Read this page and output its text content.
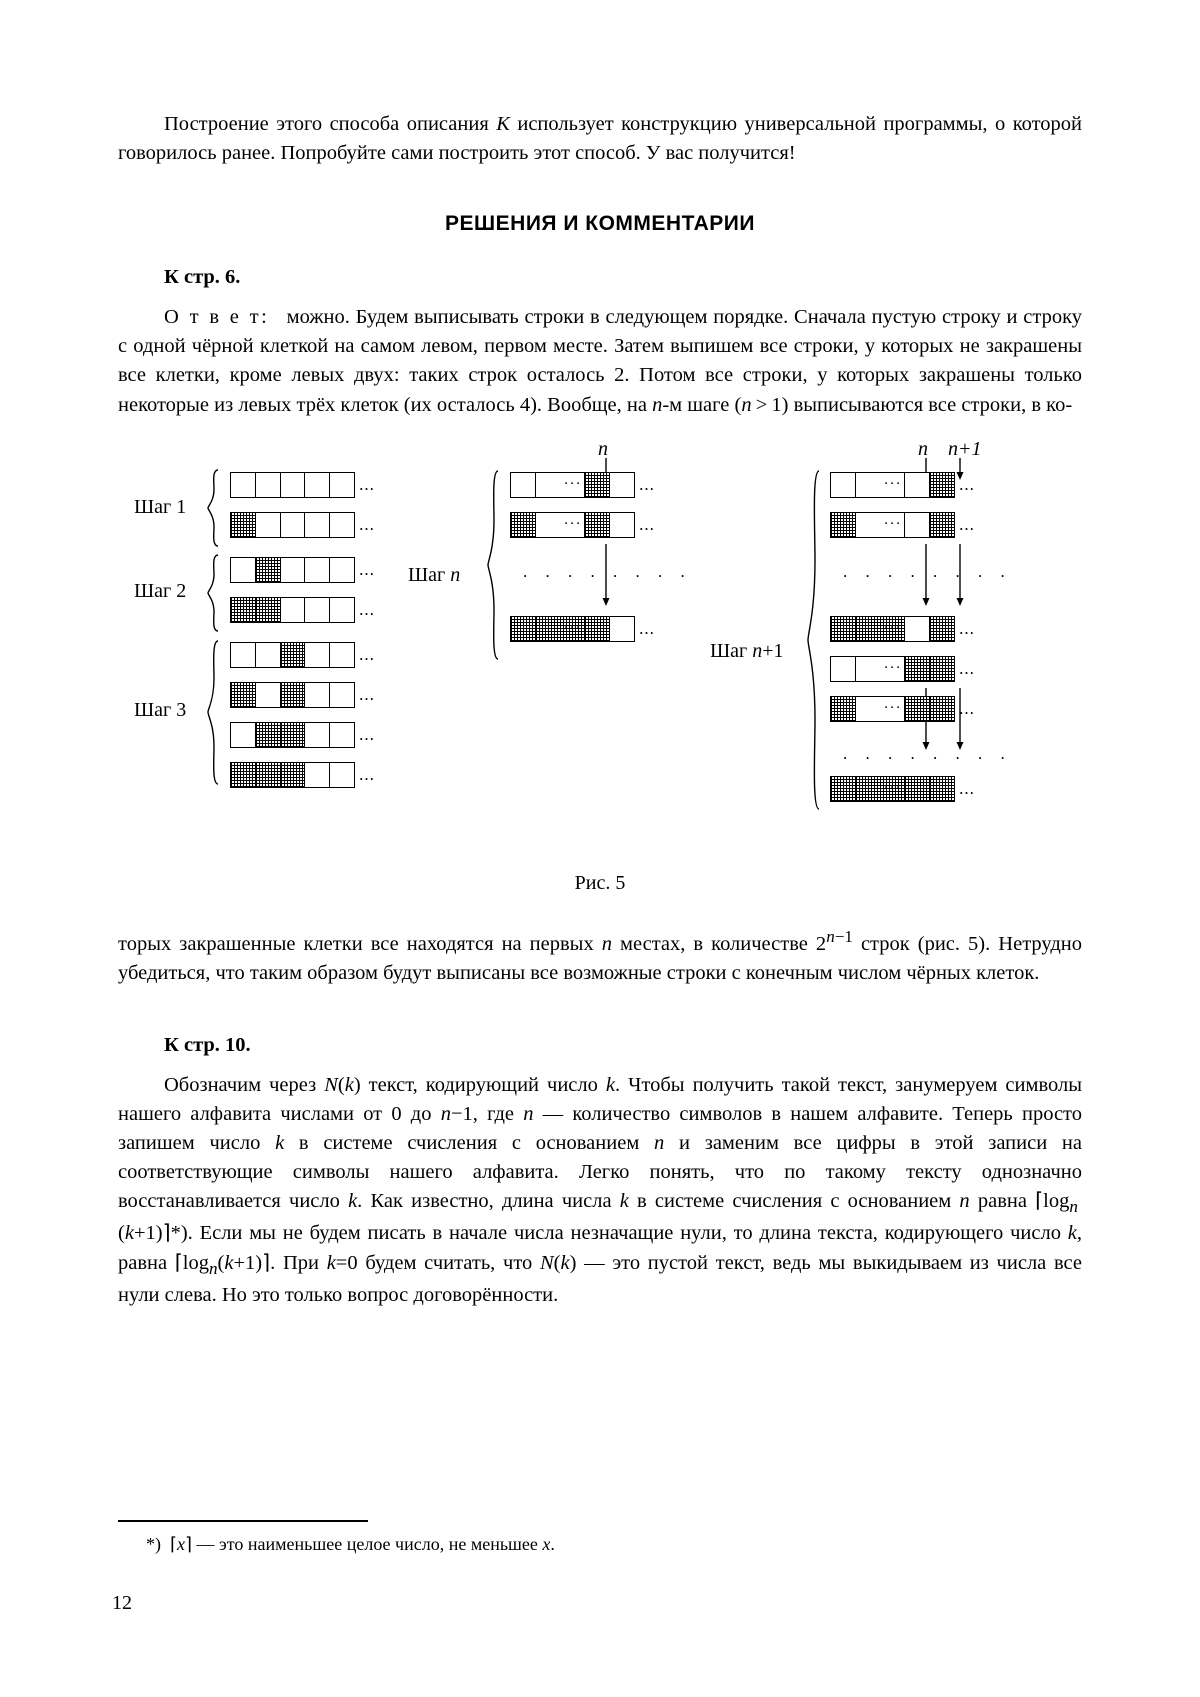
Построение этого способа описания K использует конструкцию универсальной программы, о которой говорилось ранее. Попробуйте сами построить этот способ. У вас получится!

РЕШЕНИЯ И КОММЕНТАРИИ
К стр. 6.

О т в е т:   можно. Будем выписывать строки в следующем порядке. Сначала пустую строку и строку с одной чёрной клеткой на самом левом, первом месте. Затем выпишем все строки, у которых не закрашены все клетки, кроме левых двух: таких строк осталось 2. Потом все строки, у которых закрашены только некоторые из левых трёх клеток (их осталось 4). Вообще, на n-м шаге (n > 1) выписываются все строки, в ко-

Шаг 1
...
...
Шаг 2
...
...
Шаг 3
...
...
...
...
n
Шаг n
···	...
···	...
. . . . . . . .
···	...
n n+1
Шаг n+1
···	...
···	...
. . . . . . . .
···	...
···	...
···	...
. . . . . . . .
···	...
Рис. 5

торых закрашенные клетки все находятся на первых n местах, в количестве $2^{n-1}$ строк (рис. 5). Нетрудно убедиться, что таким образом будут выписаны все возможные строки с конечным числом чёрных клеток.

К стр. 10.

Обозначим через N(k) текст, кодирующий число k. Чтобы получить такой текст, занумеруем символы нашего алфавита числами от 0 до n−1, где n — количество символов в нашем алфавите. Теперь просто запишем число k в системе счисления с основанием n и заменим все цифры в этой записи на соответствующие символы нашего алфавита. Легко понять, что по такому тексту однозначно восстанавливается число k. Как известно, длина числа k в системе счисления с основанием n равна $⌈\log_n$ (k+1)⌉*). Если мы не будем писать в начале числа незначащие нули, то длина текста, кодирующего число k, равна $⌈\log_n(k+1)⌉$. При k=0 будем считать, что N(k) — это пустой текст, ведь мы выкидываем из числа все нули слева. Но это только вопрос договорённости.

*)  ⌈x⌉ — это наименьшее целое число, не меньшее x.
12
